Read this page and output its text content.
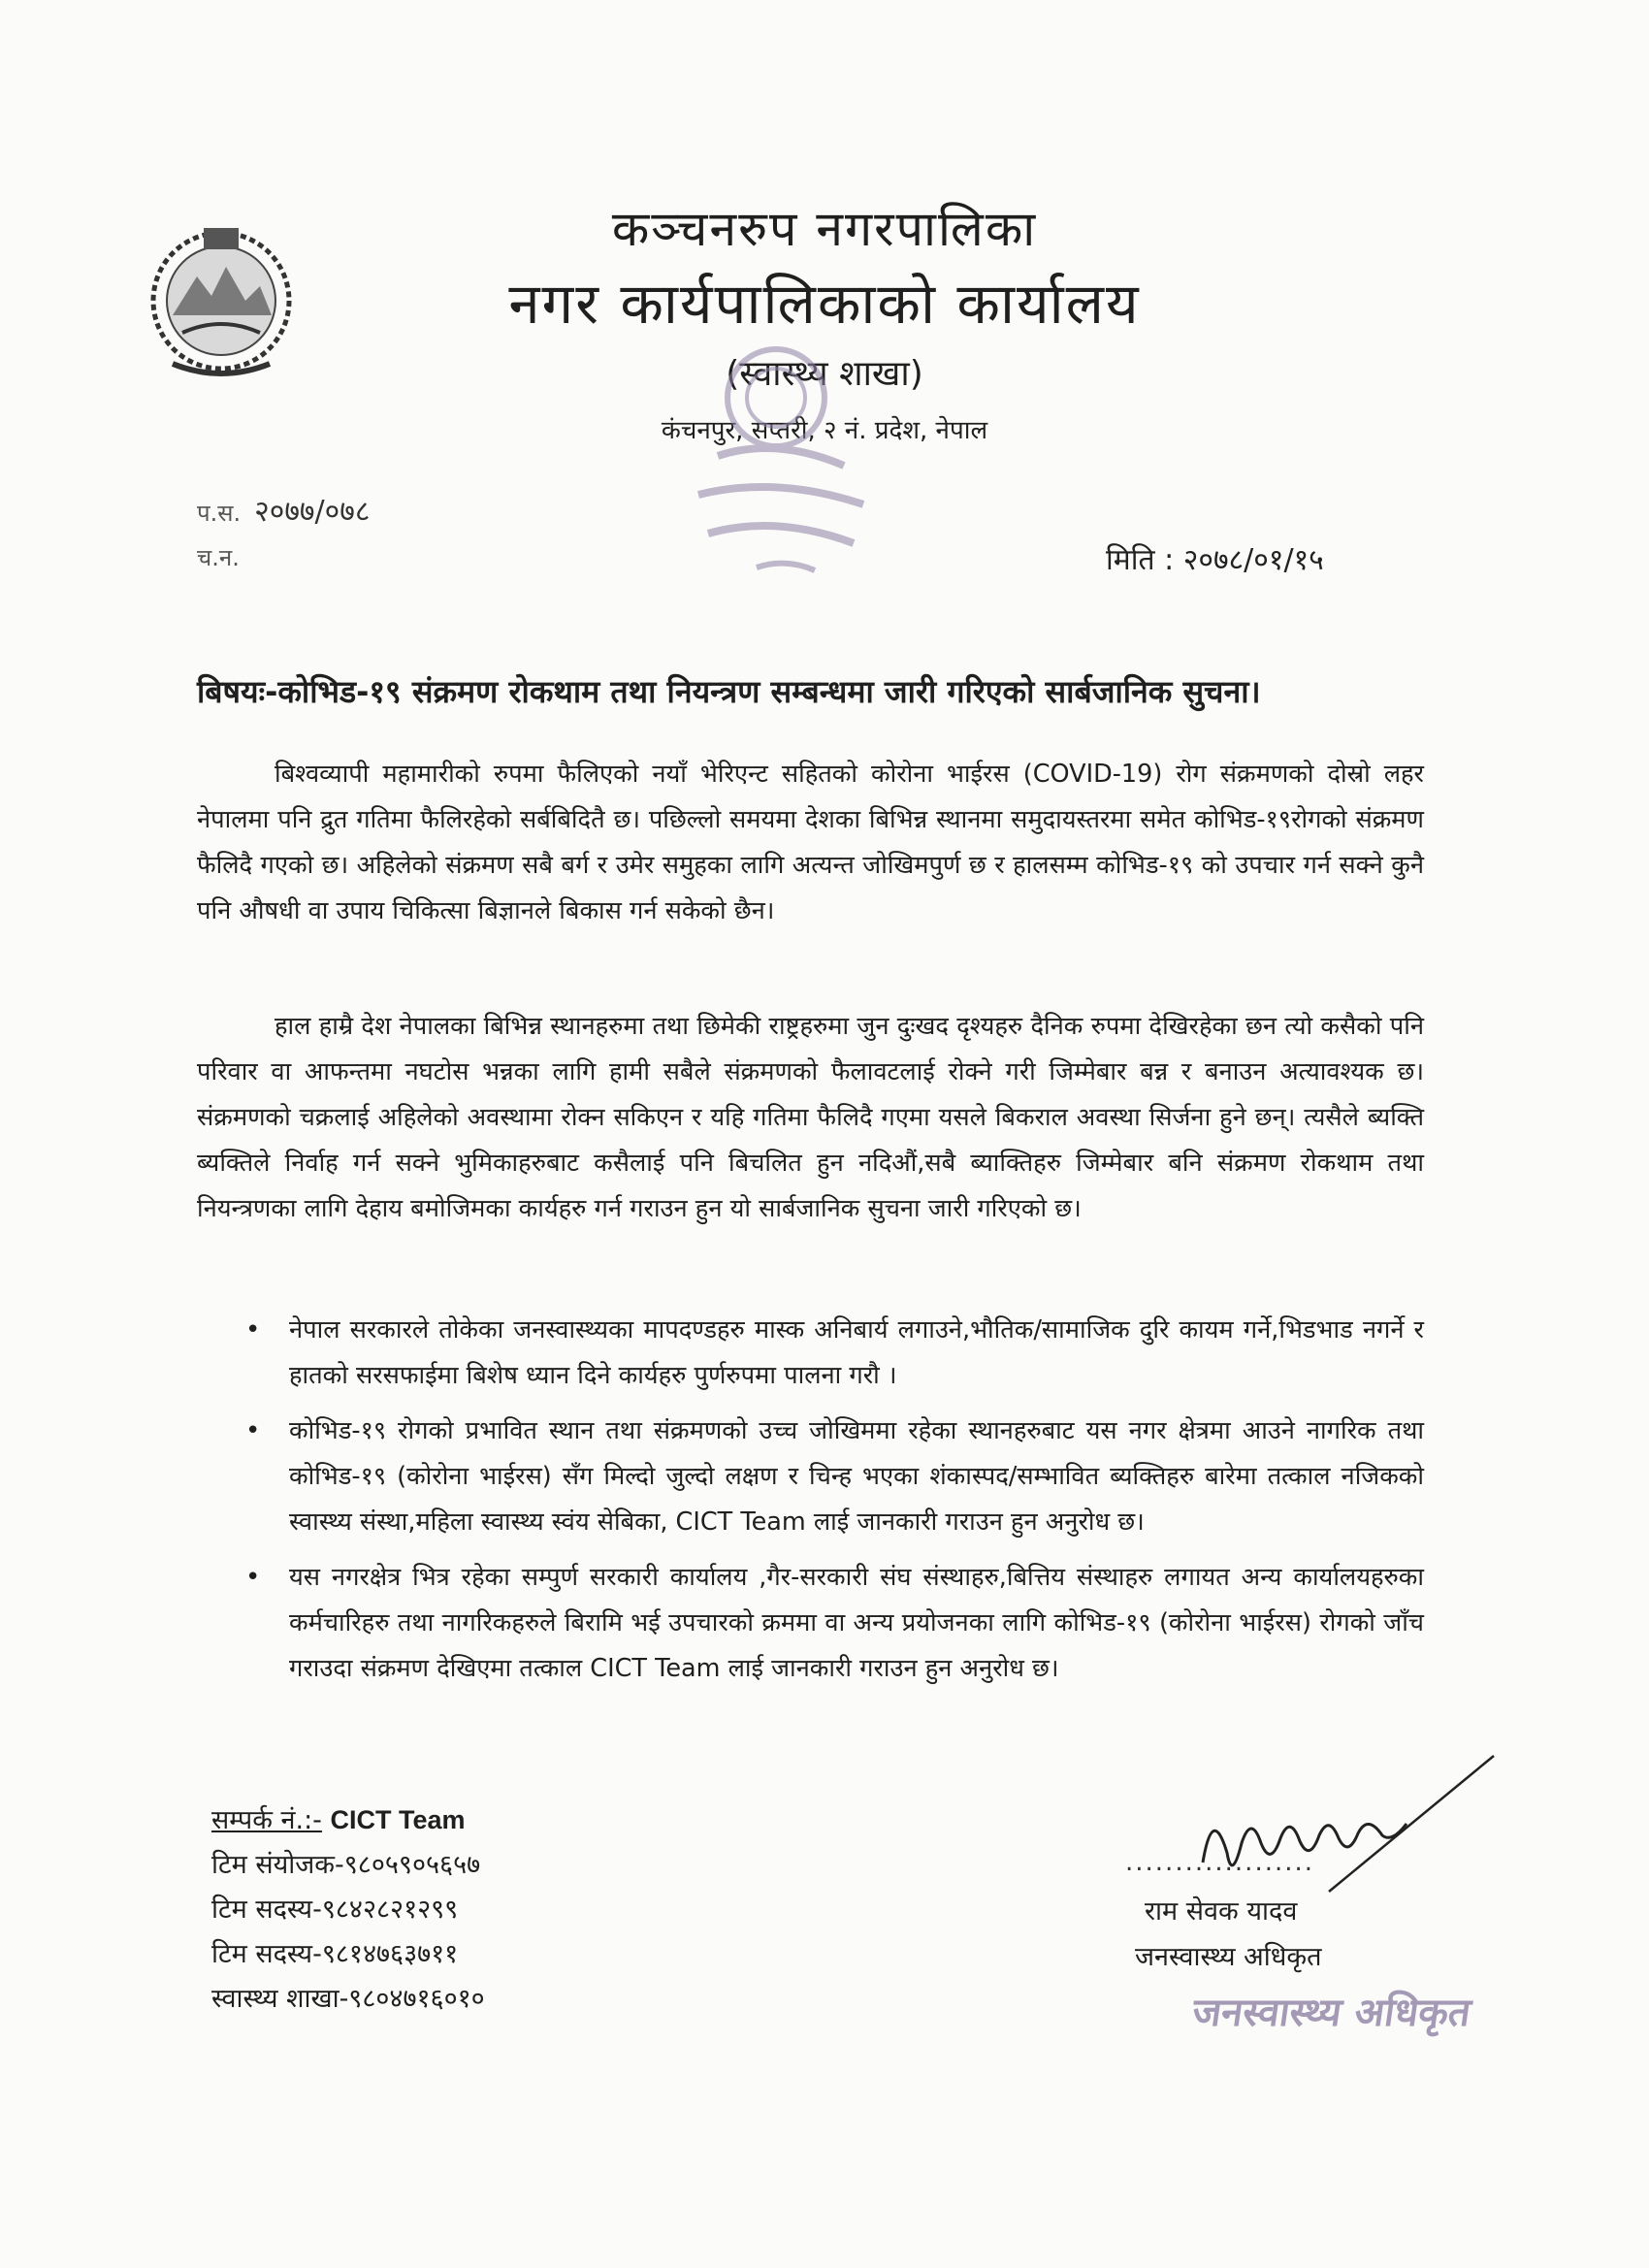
कञ्चनरुप नगरपालिका

नगर कार्यपालिकाको कार्यालय

(स्वास्थ्य शाखा)

कंचनपुर, सप्तरी, २ नं. प्रदेश, नेपाल

प.स. २०७७/०७८
च.न.	मिति : २०७८/०१/१५
बिषयः-कोभिड-१९ संक्रमण रोकथाम तथा नियन्त्रण सम्बन्धमा जारी गरिएको सार्बजानिक सुचना।

बिश्वव्यापी महामारीको रुपमा फैलिएको नयाँ भेरिएन्ट सहितको कोरोना भाईरस (COVID-19) रोग संक्रमणको दोस्रो लहर नेपालमा पनि द्रुत गतिमा फैलिरहेको सर्बबिदितै छ। पछिल्लो समयमा देशका बिभिन्न स्थानमा समुदायस्तरमा समेत कोभिड-१९रोगको संक्रमण फैलिदै गएको छ। अहिलेको संक्रमण सबै बर्ग र उमेर समुहका लागि अत्यन्त जोखिमपुर्ण छ र हालसम्म कोभिड-१९ को उपचार गर्न सक्ने कुनै पनि औषधी वा उपाय चिकित्सा बिज्ञानले बिकास गर्न सकेको छैन।

हाल हाम्रै देश नेपालका बिभिन्न स्थानहरुमा तथा छिमेकी राष्ट्रहरुमा जुन दुःखद दृश्यहरु दैनिक रुपमा देखिरहेका छन त्यो कसैको पनि परिवार वा आफन्तमा नघटोस भन्नका लागि हामी सबैले संक्रमणको फैलावटलाई रोक्ने गरी जिम्मेबार बन्न र बनाउन अत्यावश्यक छ। संक्रमणको चक्रलाई अहिलेको अवस्थामा रोक्न सकिएन र यहि गतिमा फैलिदै गएमा यसले बिकराल अवस्था सिर्जना हुने छन्। त्यसैले ब्यक्ति ब्यक्तिले निर्वाह गर्न सक्ने भुमिकाहरुबाट कसैलाई पनि बिचलित हुन नदिऔं,सबै ब्याक्तिहरु जिम्मेबार बनि संक्रमण रोकथाम तथा नियन्त्रणका लागि देहाय बमोजिमका कार्यहरु गर्न गराउन हुन यो सार्बजानिक सुचना जारी गरिएको छ।

• नेपाल सरकारले तोकेका जनस्वास्थ्यका मापदण्डहरु मास्क अनिबार्य लगाउने,भौतिक/सामाजिक दुरि कायम गर्ने,भिडभाड नगर्ने र हातको सरसफाईमा बिशेष ध्यान दिने कार्यहरु पुर्णरुपमा पालना गरौ ।
• कोभिड-१९ रोगको प्रभावित स्थान तथा संक्रमणको उच्च जोखिममा रहेका स्थानहरुबाट यस नगर क्षेत्रमा आउने नागरिक तथा कोभिड-१९ (कोरोना भाईरस) सँग मिल्दो जुल्दो लक्षण र चिन्ह भएका शंकास्पद/सम्भावित ब्यक्तिहरु बारेमा तत्काल नजिकको स्वास्थ्य संस्था,महिला स्वास्थ्य स्वंय सेबिका, CICT Team लाई जानकारी गराउन हुन अनुरोध छ।
• यस नगरक्षेत्र भित्र रहेका सम्पुर्ण सरकारी कार्यालय ,गैर-सरकारी संघ संस्थाहरु,बित्तिय संस्थाहरु लगायत अन्य कार्यालयहरुका कर्मचारिहरु तथा नागरिकहरुले बिरामि भई उपचारको क्रममा वा अन्य प्रयोजनका लागि कोभिड-१९ (कोरोना भाईरस) रोगको जाँच गराउदा संक्रमण देखिएमा तत्काल CICT Team लाई जानकारी गराउन हुन अनुरोध छ।
सम्पर्क नं.:- CICT Team
टिम संयोजक-९८०५९०५६५७
टिम सदस्य-९८४२८२१२९९
टिम सदस्य-९८१४७६३७११
स्वास्थ्य शाखा-९८०४७१६०१०
...................
राम सेवक यादव
जनस्वास्थ्य अधिकृत
जनस्वास्थ्य अधिकृत
